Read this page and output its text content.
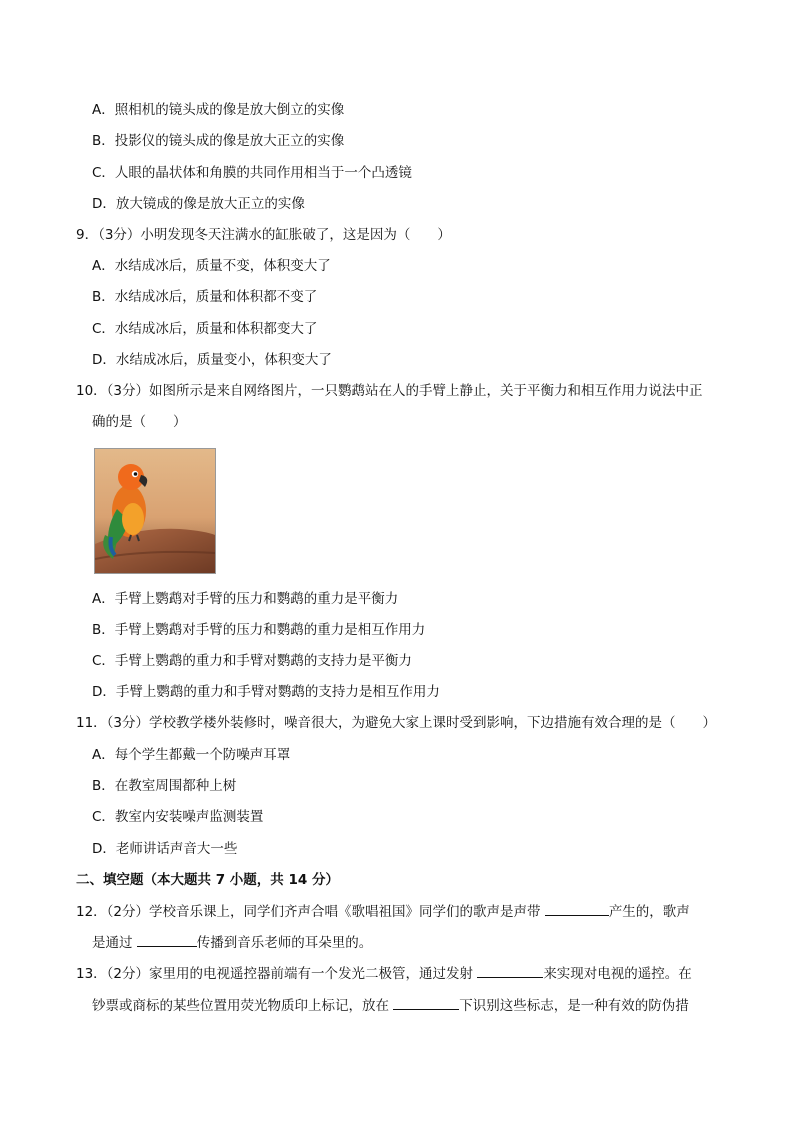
A．照相机的镜头成的像是放大倒立的实像
B．投影仪的镜头成的像是放大正立的实像
C．人眼的晶状体和角膜的共同作用相当于一个凸透镜
D．放大镜成的像是放大正立的实像
9．（3分）小明发现冬天注满水的缸胀破了，这是因为（　　）
A．水结成冰后，质量不变，体积变大了
B．水结成冰后，质量和体积都不变了
C．水结成冰后，质量和体积都变大了
D．水结成冰后，质量变小，体积变大了
10．（3分）如图所示是来自网络图片，一只鹦鹉站在人的手臂上静止，关于平衡力和相互作用力说法中正
确的是（　　）
A．手臂上鹦鹉对手臂的压力和鹦鹉的重力是平衡力
B．手臂上鹦鹉对手臂的压力和鹦鹉的重力是相互作用力
C．手臂上鹦鹉的重力和手臂对鹦鹉的支持力是平衡力
D．手臂上鹦鹉的重力和手臂对鹦鹉的支持力是相互作用力
11．（3分）学校教学楼外装修时，噪音很大，为避免大家上课时受到影响，下边措施有效合理的是（　　）
A．每个学生都戴一个防噪声耳罩
B．在教室周围都种上树
C．教室内安装噪声监测装置
D．老师讲话声音大一些
二、填空题（本大题共 7 小题，共 14 分）
12．（2分）学校音乐课上，同学们齐声合唱《歌唱祖国》同学们的歌声是声带	产生的，歌声
是通过	传播到音乐老师的耳朵里的。
13．（2分）家里用的电视遥控器前端有一个发光二极管，通过发射	来实现对电视的遥控。在
钞票或商标的某些位置用荧光物质印上标记，放在	下识别这些标志，是一种有效的防伪措
